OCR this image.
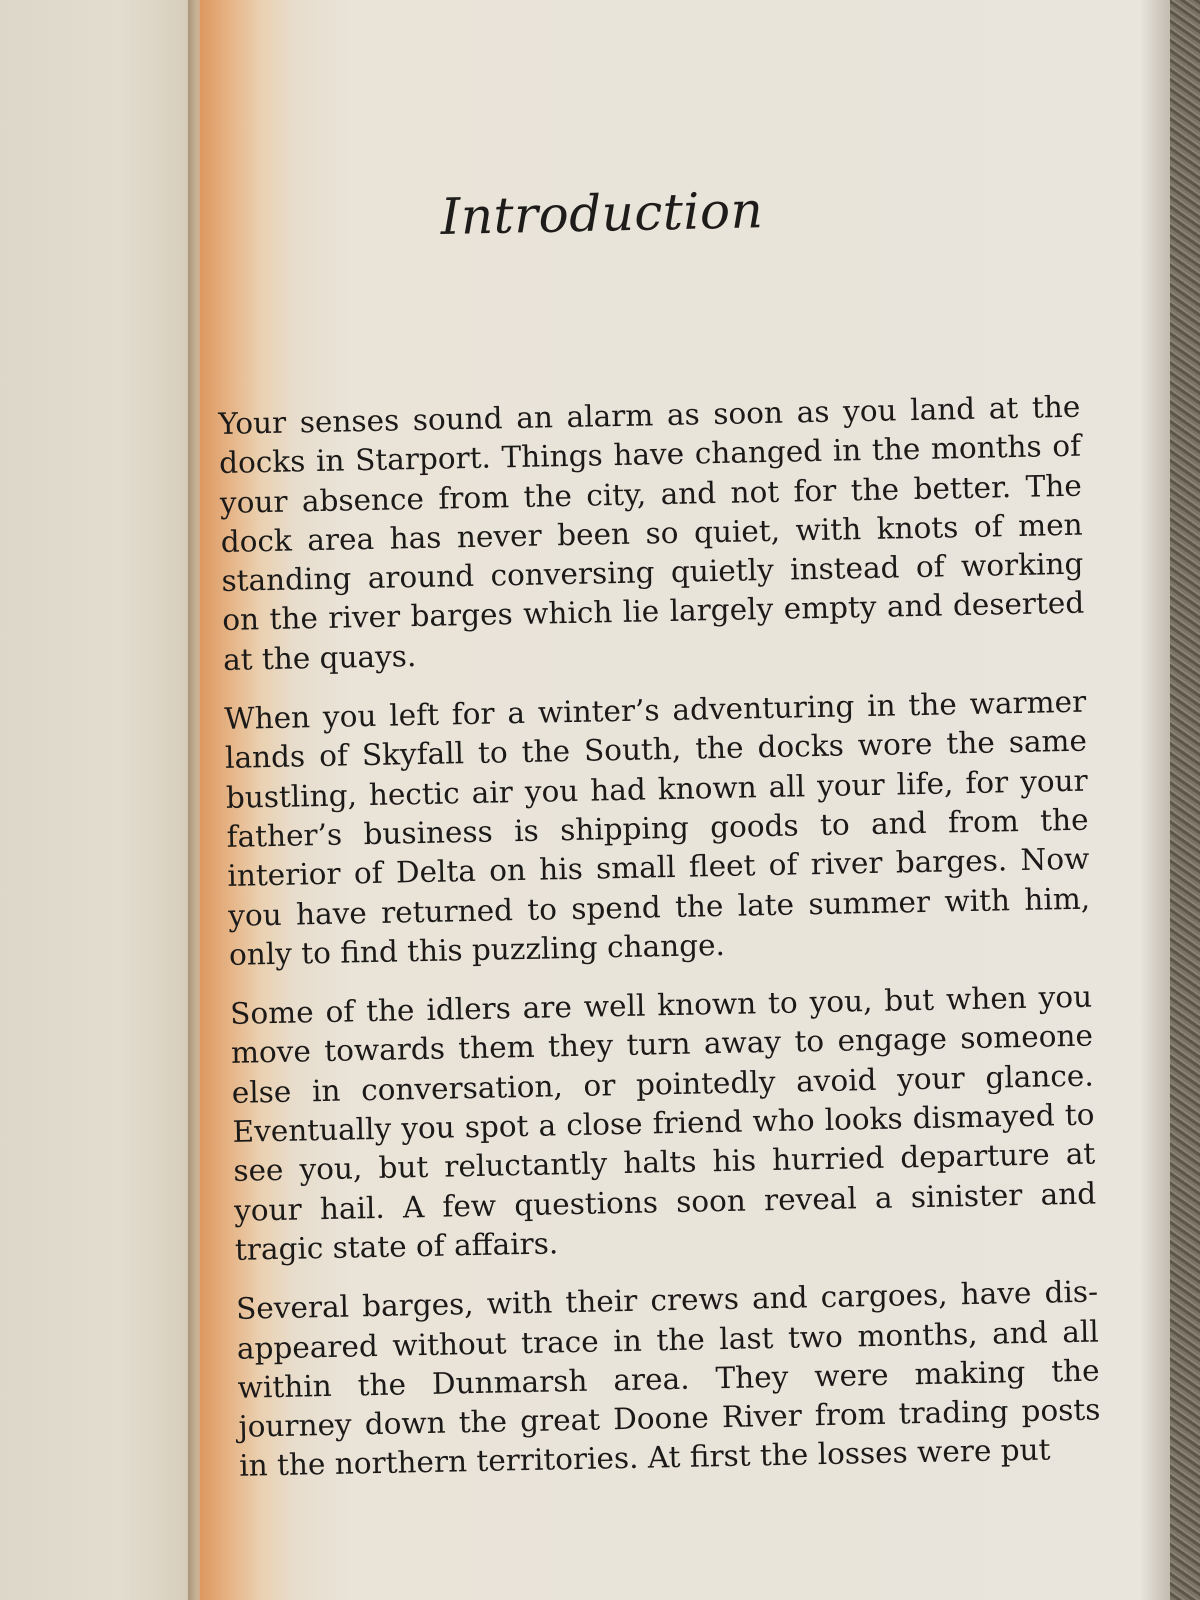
Introduction

Your senses sound an alarm as soon as you land at the docks in Starport. Things have changed in the months of your absence from the city, and not for the better. The dock area has never been so quiet, with knots of men standing around conversing quietly instead of working on the river barges which lie largely empty and deserted at the quays.

When you left for a winter’s adventuring in the warmer lands of Skyfall to the South, the docks wore the same bustling, hectic air you had known all your life, for your father’s business is shipping goods to and from the interior of Delta on his small fleet of river barges. Now you have returned to spend the late summer with him, only to find this puzzling change.

Some of the idlers are well known to you, but when you move towards them they turn away to engage someone else in conversation, or pointedly avoid your glance. Eventually you spot a close friend who looks dismayed to see you, but reluctantly halts his hurried departure at your hail. A few questions soon reveal a sinister and tragic state of affairs.

Several barges, with their crews and cargoes, have disappeared without trace in the last two months, and all within the Dunmarsh area. They were making the journey down the great Doone River from trading posts in the northern territories. At first the losses were put
